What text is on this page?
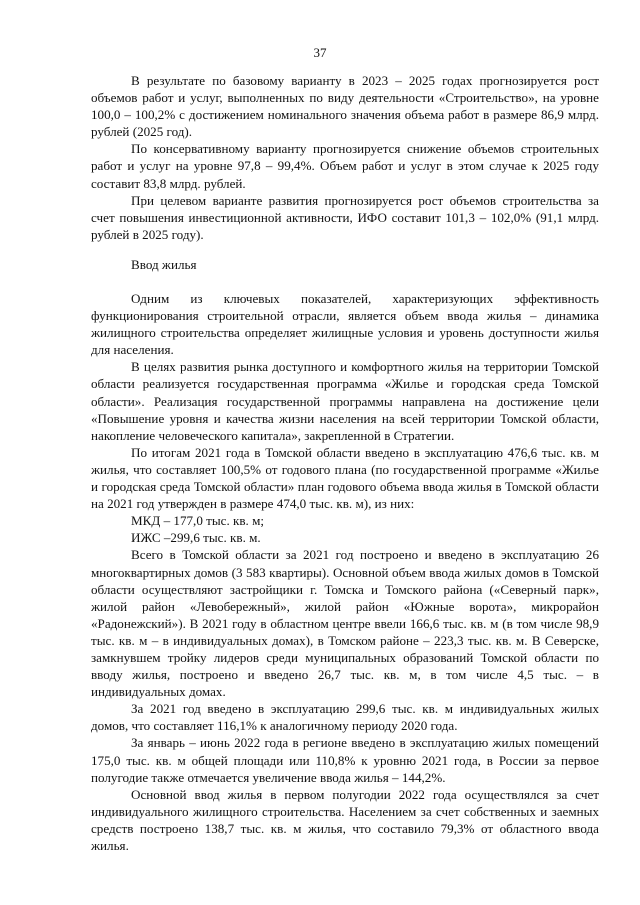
37

В результате по базовому варианту в 2023 – 2025 годах прогнозируется рост объемов работ и услуг, выполненных по виду деятельности «Строительство», на уровне 100,0 – 100,2% с достижением номинального значения объема работ в размере 86,9 млрд. рублей (2025 год).

По консервативному варианту прогнозируется снижение объемов строительных работ и услуг на уровне 97,8 – 99,4%. Объем работ и услуг в этом случае к 2025 году составит 83,8 млрд. рублей.

При целевом варианте развития прогнозируется рост объемов строительства за счет повышения инвестиционной активности, ИФО составит 101,3 – 102,0% (91,1 млрд. рублей в 2025 году).

Ввод жилья

Одним из ключевых показателей, характеризующих эффективность функционирования строительной отрасли, является объем ввода жилья – динамика жилищного строительства определяет жилищные условия и уровень доступности жилья для населения.

В целях развития рынка доступного и комфортного жилья на территории Томской области реализуется государственная программа «Жилье и городская среда Томской области». Реализация государственной программы направлена на достижение цели «Повышение уровня и качества жизни населения на всей территории Томской области, накопление человеческого капитала», закрепленной в Стратегии.

По итогам 2021 года в Томской области введено в эксплуатацию 476,6 тыс. кв. м жилья, что составляет 100,5% от годового плана (по государственной программе «Жилье и городская среда Томской области» план годового объема ввода жилья в Томской области на 2021 год утвержден в размере 474,0 тыс. кв. м), из них:

МКД – 177,0 тыс. кв. м;

ИЖС –299,6 тыс. кв. м.

Всего в Томской области за 2021 год построено и введено в эксплуатацию 26 многоквартирных домов (3 583 квартиры). Основной объем ввода жилых домов в Томской области осуществляют застройщики г. Томска и Томского района («Северный парк», жилой район «Левобережный», жилой район «Южные ворота», микрорайон «Радонежский»). В 2021 году в областном центре ввели 166,6 тыс. кв. м (в том числе 98,9 тыс. кв. м – в индивидуальных домах), в Томском районе – 223,3 тыс. кв. м. В Северске, замкнувшем тройку лидеров среди муниципальных образований Томской области по вводу жилья, построено и введено 26,7 тыс. кв. м, в том числе 4,5 тыс. – в индивидуальных домах.

За 2021 год введено в эксплуатацию 299,6 тыс. кв. м индивидуальных жилых домов, что составляет 116,1% к аналогичному периоду 2020 года.

За январь – июнь 2022 года в регионе введено в эксплуатацию жилых помещений 175,0 тыс. кв. м общей площади или 110,8% к уровню 2021 года, в России за первое полугодие также отмечается увеличение ввода жилья – 144,2%.

Основной ввод жилья в первом полугодии 2022 года осуществлялся за счет индивидуального жилищного строительства. Населением за счет собственных и заемных средств построено 138,7 тыс. кв. м жилья, что составило 79,3% от областного ввода жилья.
